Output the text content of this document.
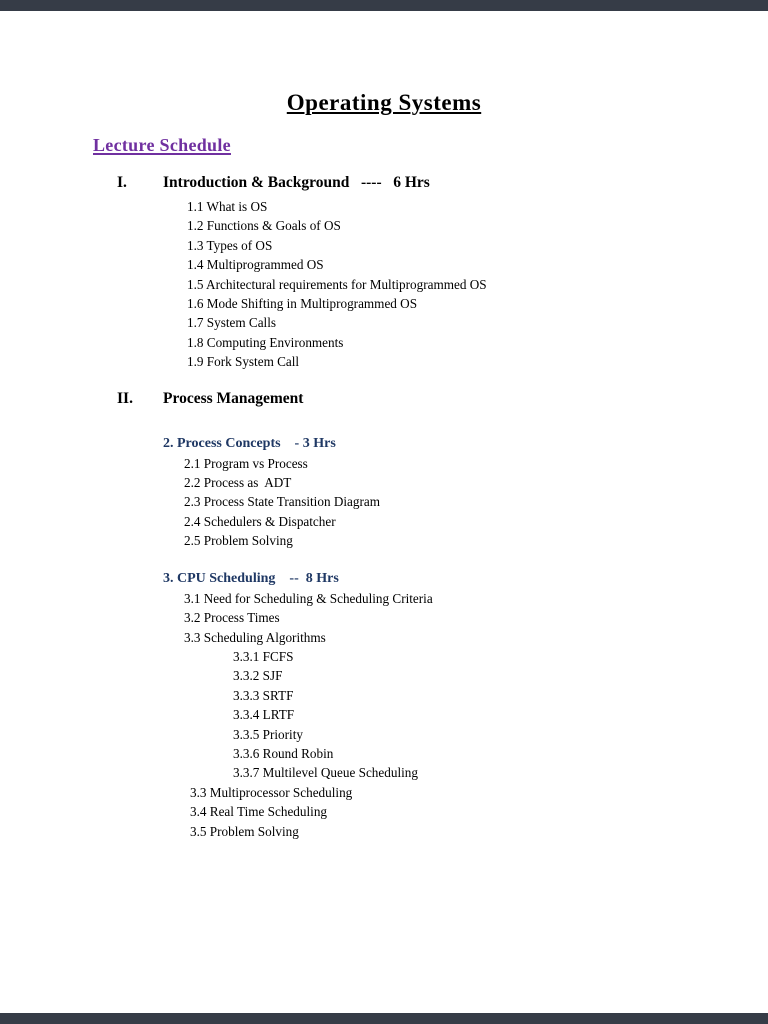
Operating Systems
Lecture Schedule
I.	Introduction & Background   ----   6 Hrs
1.1 What is OS
1.2 Functions & Goals of OS
1.3 Types of OS
1.4 Multiprogrammed OS
1.5 Architectural requirements for Multiprogrammed OS
1.6 Mode Shifting in Multiprogrammed OS
1.7 System Calls
1.8 Computing Environments
1.9 Fork System Call
II.	Process Management
2. Process Concepts    - 3 Hrs
2.1 Program vs Process
2.2 Process as  ADT
2.3 Process State Transition Diagram
2.4 Schedulers & Dispatcher
2.5 Problem Solving
3. CPU Scheduling    --  8 Hrs
3.1 Need for Scheduling & Scheduling Criteria
3.2 Process Times
3.3 Scheduling Algorithms
3.3.1 FCFS
3.3.2 SJF
3.3.3 SRTF
3.3.4 LRTF
3.3.5 Priority
3.3.6 Round Robin
3.3.7 Multilevel Queue Scheduling
3.3 Multiprocessor Scheduling
3.4 Real Time Scheduling
3.5 Problem Solving
